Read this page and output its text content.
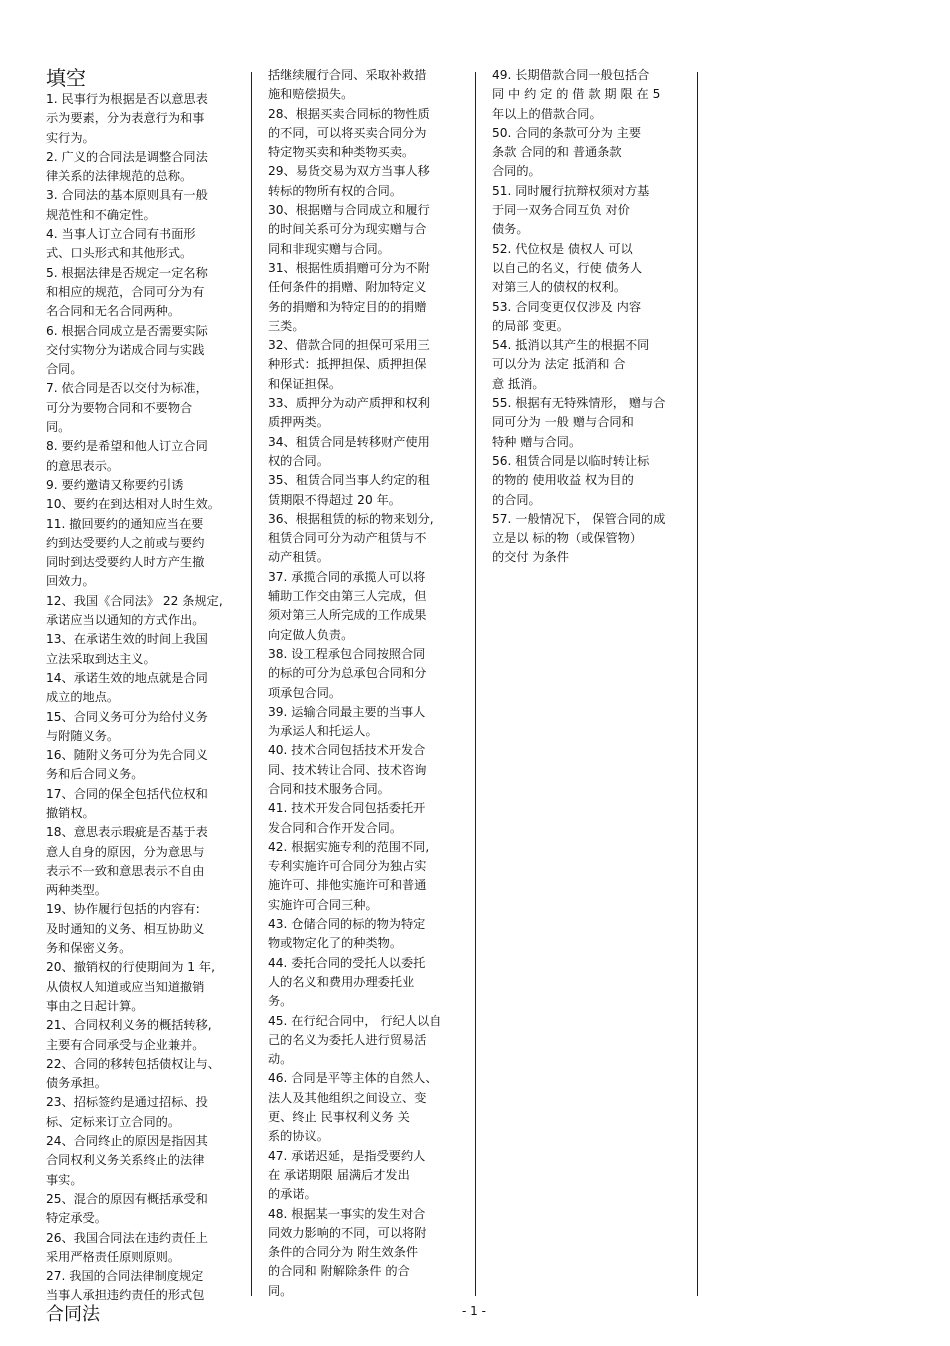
填空

1. 民事行为根据是否以意思表
示为要素，分为表意行为和事
实行为。

2. 广义的合同法是调整合同法
律关系的法律规范的总称。

3. 合同法的基本原则具有一般
规范性和不确定性。

4. 当事人订立合同有书面形
式、口头形式和其他形式。

5. 根据法律是否规定一定名称
和相应的规范，合同可分为有
名合同和无名合同两种。

6. 根据合同成立是否需要实际
交付实物分为诺成合同与实践
合同。

7. 依合同是否以交付为标准，
可分为要物合同和不要物合
同。

8. 要约是希望和他人订立合同
的意思表示。

9. 要约邀请又称要约引诱

10、要约在到达相对人时生效。

11. 撤回要约的通知应当在要
约到达受要约人之前或与要约
同时到达受要约人时方产生撤
回效力。

12、我国《合同法》 22 条规定,
承诺应当以通知的方式作出。

13、在承诺生效的时间上我国
立法采取到达主义。

14、承诺生效的地点就是合同
成立的地点。

15、合同义务可分为给付义务
与附随义务。

16、随附义务可分为先合同义
务和后合同义务。

17、合同的保全包括代位权和
撤销权。

18、意思表示瑕疵是否基于表
意人自身的原因，分为意思与
表示不一致和意思表示不自由
两种类型。

19、协作履行包括的内容有:
及时通知的义务、相互协助义
务和保密义务。

20、撤销权的行使期间为 1 年,
从债权人知道或应当知道撤销
事由之日起计算。

21、合同权利义务的概括转移,
主要有合同承受与企业兼并。

22、合同的移转包括债权让与、
债务承担。

23、招标签约是通过招标、投
标、定标来订立合同的。

24、合同终止的原因是指因其
合同权利义务关系终止的法律
事实。

25、混合的原因有概括承受和
特定承受。

26、我国合同法在违约责任上
采用严格责任原则原则。

27. 我国的合同法律制度规定
当事人承担违约责任的形式包

括继续履行合同、采取补救措
施和赔偿损失。

28、根据买卖合同标的物性质
的不同，可以将买卖合同分为
特定物买卖和种类物买卖。

29、易货交易为双方当事人移
转标的物所有权的合同。

30、根据赠与合同成立和履行
的时间关系可分为现实赠与合
同和非现实赠与合同。

31、根据性质捐赠可分为不附
任何条件的捐赠、附加特定义
务的捐赠和为特定目的的捐赠
三类。

32、借款合同的担保可采用三
种形式：抵押担保、质押担保
和保证担保。

33、质押分为动产质押和权利
质押两类。

34、租赁合同是转移财产使用
权的合同。

35、租赁合同当事人约定的租
赁期限不得超过 20 年。

36、根据租赁的标的物来划分,
租赁合同可分为动产租赁与不
动产租赁。

37. 承揽合同的承揽人可以将
辅助工作交由第三人完成，但
须对第三人所完成的工作成果
向定做人负责。

38. 设工程承包合同按照合同
的标的可分为总承包合同和分
项承包合同。

39. 运输合同最主要的当事人
为承运人和托运人。

40. 技术合同包括技术开发合
同、技术转让合同、技术咨询
合同和技术服务合同。

41. 技术开发合同包括委托开
发合同和合作开发合同。

42. 根据实施专利的范围不同,
专利实施许可合同分为独占实
施许可、排他实施许可和普通
实施许可合同三种。

43. 仓储合同的标的物为特定
物或物定化了的种类物。

44. 委托合同的受托人以委托
人的名义和费用办理委托业
务。

45. 在行纪合同中， 行纪人以自
己的名义为委托人进行贸易活
动。

46. 合同是平等主体的自然人、
法人及其他组织之间设立、变
更、终止 民事权利义务 关
系的协议。

47. 承诺迟延，是指受要约人
在 承诺期限 届满后才发出
的承诺。

48. 根据某一事实的发生对合
同效力影响的不同，可以将附
条件的合同分为 附生效条件
的合同和 附解除条件 的合
同。

49. 长期借款合同一般包括合
同 中 约 定 的 借 款 期 限 在 5
年以上的借款合同。

50. 合同的条款可分为 主要
条款 合同的和 普通条款
合同的。

51. 同时履行抗辩权须对方基
于同一双务合同互负 对价
债务。

52. 代位权是 债权人 可以
以自己的名义，行使 债务人
对第三人的债权的权利。

53. 合同变更仅仅涉及 内容
的局部 变更。

54. 抵消以其产生的根据不同
可以分为 法定 抵消和 合
意 抵消。

55. 根据有无特殊情形， 赠与合
同可分为 一般 赠与合同和
特种 赠与合同。

56. 租赁合同是以临时转让标
的物的 使用收益 权为目的
的合同。

57. 一般情况下， 保管合同的成
立是以 标的物（或保管物）
的交付 为条件

合同法	- 1 -
